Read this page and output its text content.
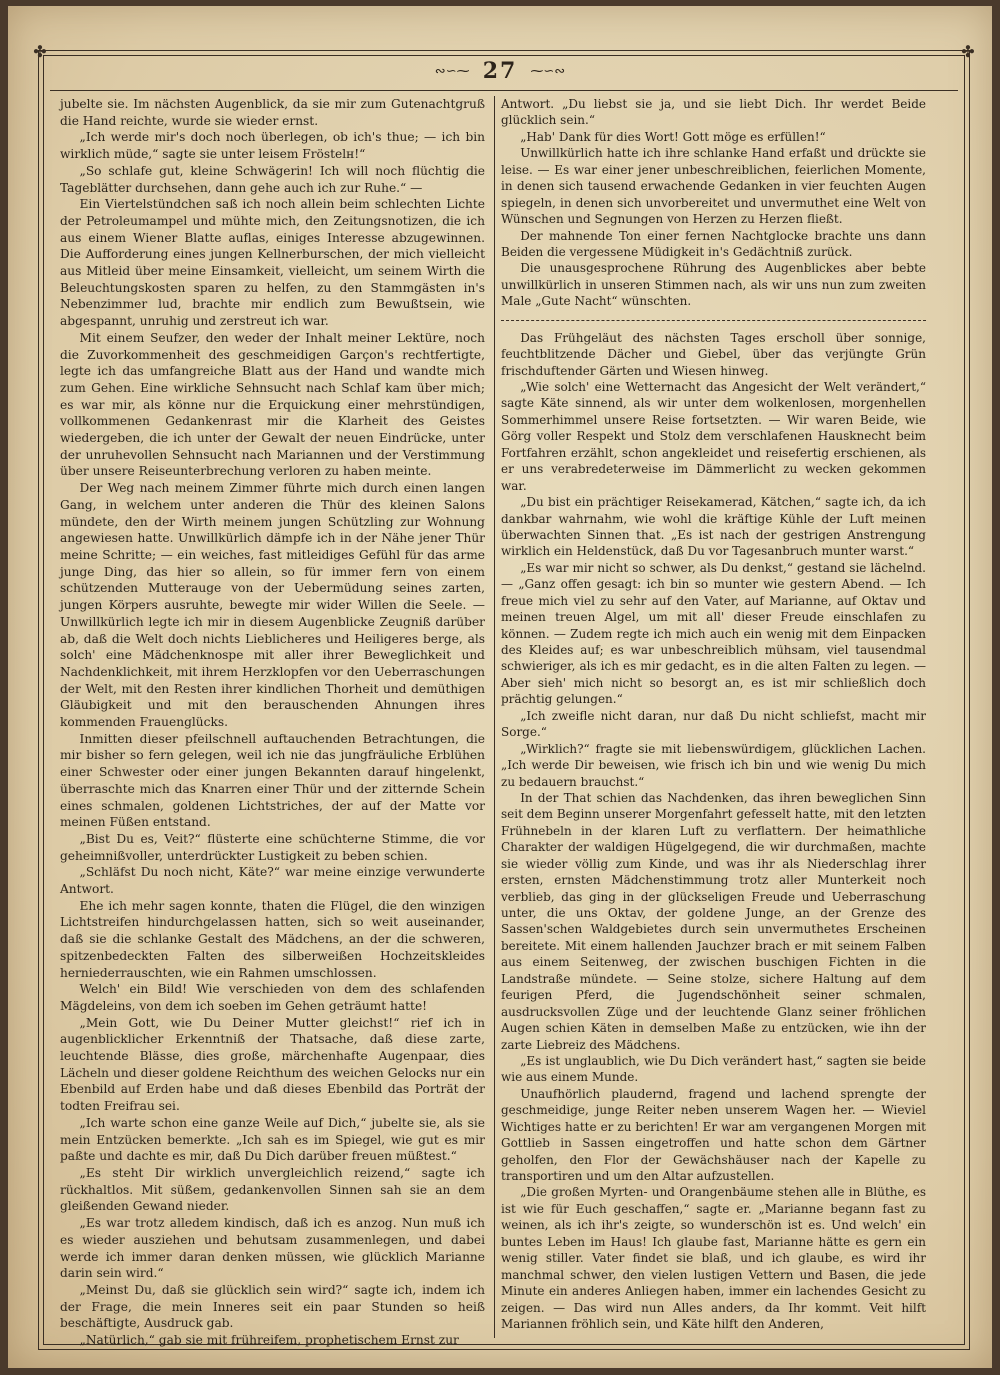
✤	✤
∾∽⁓ 27 ⁓∽∾

jubelte sie. Im nächsten Augenblick, da sie mir zum Gutenachtgruß die Hand reichte, wurde sie wieder ernst.

„Ich werde mir's doch noch überlegen, ob ich's thue; — ich bin wirklich müde,“ sagte sie unter leisem Fröstelн!“

„So schlafe gut, kleine Schwägerin! Ich will noch flüchtig die Tageblätter durchsehen, dann gehe auch ich zur Ruhe.“ —

Ein Viertelstündchen saß ich noch allein beim schlechten Lichte der Petroleumampel und mühte mich, den Zeitungsnotizen, die ich aus einem Wiener Blatte auflas, einiges Interesse abzugewinnen. Die Aufforderung eines jungen Kellnerburschen, der mich vielleicht aus Mitleid über meine Einsamkeit, vielleicht, um seinem Wirth die Beleuchtungskosten sparen zu helfen, zu den Stammgästen in's Nebenzimmer lud, brachte mir endlich zum Bewußtsein, wie abgespannt, unruhig und zerstreut ich war.

Mit einem Seufzer, den weder der Inhalt meiner Lektüre, noch die Zuvorkommenheit des geschmeidigen Garçon's rechtfertigte, legte ich das umfangreiche Blatt aus der Hand und wandte mich zum Gehen. Eine wirkliche Sehnsucht nach Schlaf kam über mich; es war mir, als könne nur die Erquickung einer mehrstündigen, vollkommenen Gedankenrast mir die Klarheit des Geistes wiedergeben, die ich unter der Gewalt der neuen Eindrücke, unter der unruhevollen Sehnsucht nach Mariannen und der Verstimmung über unsere Reiseunterbrechung verloren zu haben meinte.

Der Weg nach meinem Zimmer führte mich durch einen langen Gang, in welchem unter anderen die Thür des kleinen Salons mündete, den der Wirth meinem jungen Schützling zur Wohnung angewiesen hatte. Unwillkürlich dämpfe ich in der Nähe jener Thür meine Schritte; — ein weiches, fast mitleidiges Gefühl für das arme junge Ding, das hier so allein, so für immer fern von einem schützenden Mutterauge von der Uebermüdung seines zarten, jungen Körpers ausruhte, bewegte mir wider Willen die Seele. — Unwillkürlich legte ich mir in diesem Augenblicke Zeugniß darüber ab, daß die Welt doch nichts Lieblicheres und Heiligeres berge, als solch' eine Mädchenknospe mit aller ihrer Beweglichkeit und Nachdenklichkeit, mit ihrem Herzklopfen vor den Ueberraschungen der Welt, mit den Resten ihrer kindlichen Thorheit und demüthigen Gläubigkeit und mit den berauschenden Ahnungen ihres kommenden Frauenglücks.

Inmitten dieser pfeilschnell auftauchenden Betrachtungen, die mir bisher so fern gelegen, weil ich nie das jungfräuliche Erblühen einer Schwester oder einer jungen Bekannten darauf hingelenkt, überraschte mich das Knarren einer Thür und der zitternde Schein eines schmalen, goldenen Lichtstriches, der auf der Matte vor meinen Füßen entstand.

„Bist Du es, Veit?“ flüsterte eine schüchterne Stimme, die vor geheimnißvoller, unterdrückter Lustigkeit zu beben schien.

„Schläfst Du noch nicht, Käte?“ war meine einzige verwunderte Antwort.

Ehe ich mehr sagen konnte, thaten die Flügel, die den winzigen Lichtstreifen hindurchgelassen hatten, sich so weit auseinander, daß sie die schlanke Gestalt des Mädchens, an der die schweren, spitzenbedeckten Falten des silberweißen Hochzeitskleides herniederrauschten, wie ein Rahmen umschlossen.

Welch' ein Bild! Wie verschieden von dem des schlafenden Mägdeleins, von dem ich soeben im Gehen geträumt hatte!

„Mein Gott, wie Du Deiner Mutter gleichst!“ rief ich in augenblicklicher Erkenntniß der Thatsache, daß diese zarte, leuchtende Blässe, dies große, märchenhafte Augenpaar, dies Lächeln und dieser goldene Reichthum des weichen Gelocks nur ein Ebenbild auf Erden habe und daß dieses Ebenbild das Porträt der todten Freifrau sei.

„Ich warte schon eine ganze Weile auf Dich,“ jubelte sie, als sie mein Entzücken bemerkte. „Ich sah es im Spiegel, wie gut es mir paßte und dachte es mir, daß Du Dich darüber freuen müßtest.“

„Es steht Dir wirklich unvergleichlich reizend,“ sagte ich rückhaltlos. Mit süßem, gedankenvollen Sinnen sah sie an dem gleißenden Gewand nieder.

„Es war trotz alledem kindisch, daß ich es anzog. Nun muß ich es wieder ausziehen und behutsam zusammenlegen, und dabei werde ich immer daran denken müssen, wie glücklich Marianne darin sein wird.“

„Meinst Du, daß sie glücklich sein wird?“ sagte ich, indem ich der Frage, die mein Inneres seit ein paar Stunden so heiß beschäftigte, Ausdruck gab.

„Natürlich,“ gab sie mit frühreifem, prophetischem Ernst zur

Antwort. „Du liebst sie ja, und sie liebt Dich. Ihr werdet Beide glücklich sein.“

„Hab' Dank für dies Wort! Gott möge es erfüllen!“

Unwillkürlich hatte ich ihre schlanke Hand erfaßt und drückte sie leise. — Es war einer jener unbeschreiblichen, feierlichen Momente, in denen sich tausend erwachende Gedanken in vier feuchten Augen spiegeln, in denen sich unvorbereitet und unvermuthet eine Welt von Wünschen und Segnungen von Herzen zu Herzen fließt.

Der mahnende Ton einer fernen Nachtglocke brachte uns dann Beiden die vergessene Müdigkeit in's Gedächtniß zurück.

Die unausgesprochene Rührung des Augenblickes aber bebte unwillkürlich in unseren Stimmen nach, als wir uns nun zum zweiten Male „Gute Nacht“ wünschten.

Das Frühgeläut des nächsten Tages erscholl über sonnige, feuchtblitzende Dächer und Giebel, über das verjüngte Grün frischduftender Gärten und Wiesen hinweg.

„Wie solch' eine Wetternacht das Angesicht der Welt verändert,“ sagte Käte sinnend, als wir unter dem wolkenlosen, morgenhellen Sommerhimmel unsere Reise fortsetzten. — Wir waren Beide, wie Görg voller Respekt und Stolz dem verschlafenen Hausknecht beim Fortfahren erzählt, schon angekleidet und reisefertig erschienen, als er uns verabredeterweise im Dämmerlicht zu wecken gekommen war.

„Du bist ein prächtiger Reisekamerad, Kätchen,“ sagte ich, da ich dankbar wahrnahm, wie wohl die kräftige Kühle der Luft meinen überwachten Sinnen that. „Es ist nach der gestrigen Anstrengung wirklich ein Heldenstück, daß Du vor Tagesanbruch munter warst.“

„Es war mir nicht so schwer, als Du denkst,“ gestand sie lächelnd. — „Ganz offen gesagt: ich bin so munter wie gestern Abend. — Ich freue mich viel zu sehr auf den Vater, auf Marianne, auf Oktav und meinen treuen Algel, um mit all' dieser Freude einschlafen zu können. — Zudem regte ich mich auch ein wenig mit dem Einpacken des Kleides auf; es war unbeschreiblich mühsam, viel tausendmal schwieriger, als ich es mir gedacht, es in die alten Falten zu legen. — Aber sieh' mich nicht so besorgt an, es ist mir schließlich doch prächtig gelungen.“

„Ich zweifle nicht daran, nur daß Du nicht schliefst, macht mir Sorge.“

„Wirklich?“ fragte sie mit liebenswürdigem, glücklichen Lachen. „Ich werde Dir beweisen, wie frisch ich bin und wie wenig Du mich zu bedauern brauchst.“

In der That schien das Nachdenken, das ihren beweglichen Sinn seit dem Beginn unserer Morgenfahrt gefesselt hatte, mit den letzten Frühnebeln in der klaren Luft zu verflattern. Der heimathliche Charakter der waldigen Hügelgegend, die wir durchmaßen, machte sie wieder völlig zum Kinde, und was ihr als Niederschlag ihrer ersten, ernsten Mädchenstimmung trotz aller Munterkeit noch verblieb, das ging in der glückseligen Freude und Ueberraschung unter, die uns Oktav, der goldene Junge, an der Grenze des Sassen'schen Waldgebietes durch sein unvermuthetes Erscheinen bereitete. Mit einem hallenden Jauchzer brach er mit seinem Falben aus einem Seitenweg, der zwischen buschigen Fichten in die Landstraße mündete. — Seine stolze, sichere Haltung auf dem feurigen Pferd, die Jugendschönheit seiner schmalen, ausdrucksvollen Züge und der leuchtende Glanz seiner fröhlichen Augen schien Käten in demselben Maße zu entzücken, wie ihn der zarte Liebreiz des Mädchens.

„Es ist unglaublich, wie Du Dich verändert hast,“ sagten sie beide wie aus einem Munde.

Unaufhörlich plaudernd, fragend und lachend sprengte der geschmeidige, junge Reiter neben unserem Wagen her. — Wieviel Wichtiges hatte er zu berichten! Er war am vergangenen Morgen mit Gottlieb in Sassen eingetroffen und hatte schon dem Gärtner geholfen, den Flor der Gewächshäuser nach der Kapelle zu transportiren und um den Altar aufzustellen.

„Die großen Myrten- und Orangenbäume stehen alle in Blüthe, es ist wie für Euch geschaffen,“ sagte er. „Marianne begann fast zu weinen, als ich ihr's zeigte, so wunderschön ist es. Und welch' ein buntes Leben im Haus! Ich glaube fast, Marianne hätte es gern ein wenig stiller. Vater findet sie blaß, und ich glaube, es wird ihr manchmal schwer, den vielen lustigen Vettern und Basen, die jede Minute ein anderes Anliegen haben, immer ein lachendes Gesicht zu zeigen. — Das wird nun Alles anders, da Ihr kommt. Veit hilft Mariannen fröhlich sein, und Käte hilft den Anderen,
